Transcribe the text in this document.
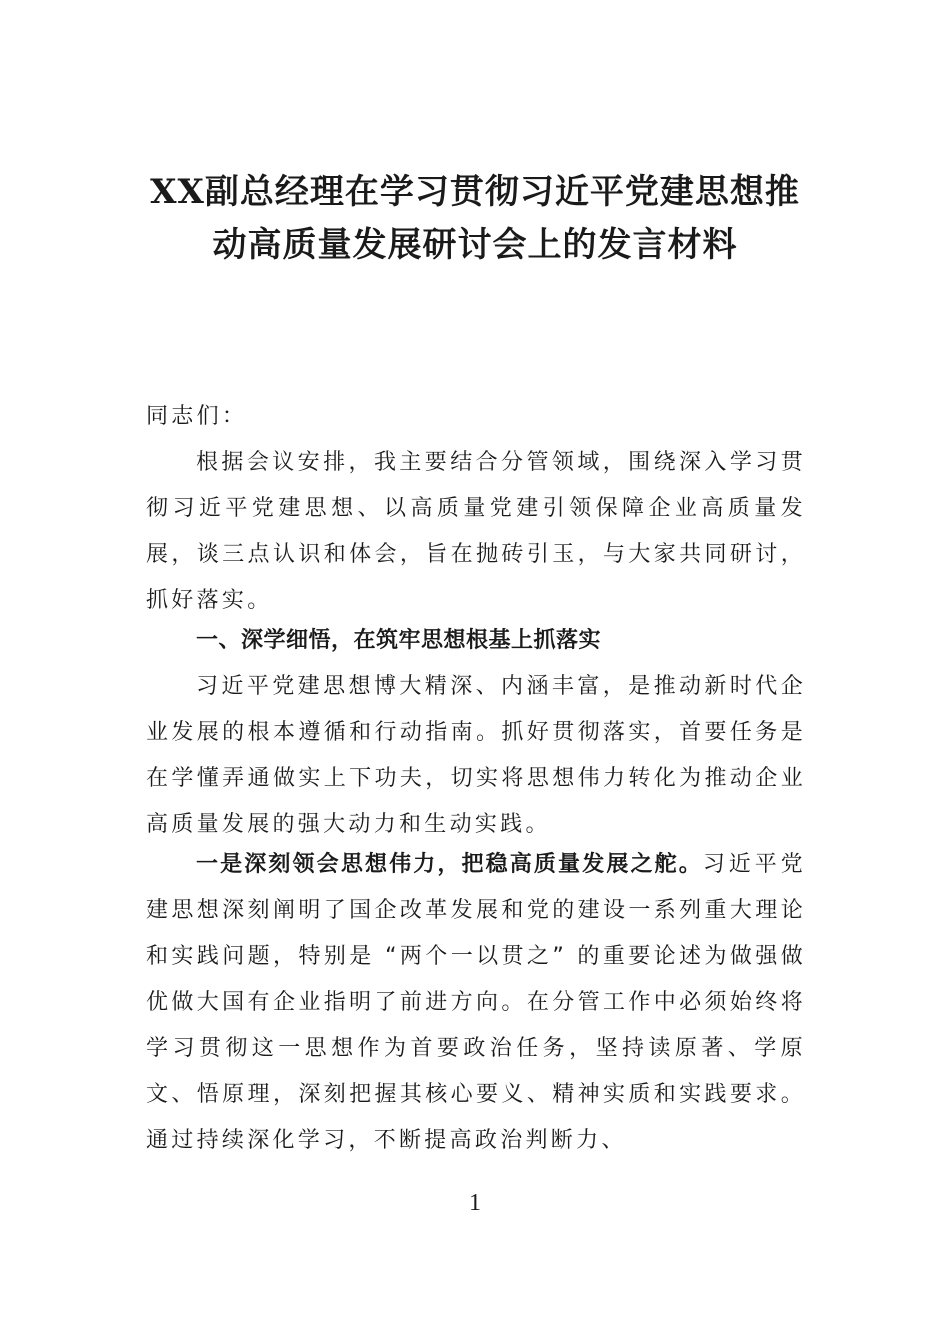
XX副总经理在学习贯彻习近平党建思想推
动高质量发展研讨会上的发言材料

同志们：

根据会议安排，我主要结合分管领域，围绕深入学习贯彻习近平党建思想、以高质量党建引领保障企业高质量发展，谈三点认识和体会，旨在抛砖引玉，与大家共同研讨，抓好落实。

一、深学细悟，在筑牢思想根基上抓落实

习近平党建思想博大精深、内涵丰富，是推动新时代企业发展的根本遵循和行动指南。抓好贯彻落实，首要任务是在学懂弄通做实上下功夫，切实将思想伟力转化为推动企业高质量发展的强大动力和生动实践。

一是深刻领会思想伟力，把稳高质量发展之舵。习近平党建思想深刻阐明了国企改革发展和党的建设一系列重大理论和实践问题，特别是 “两个一以贯之” 的重要论述为做强做优做大国有企业指明了前进方向。在分管工作中必须始终将学习贯彻这一思想作为首要政治任务，坚持读原著、学原文、悟原理，深刻把握其核心要义、精神实质和实践要求。通过持续深化学习，不断提高政治判断力、

1
